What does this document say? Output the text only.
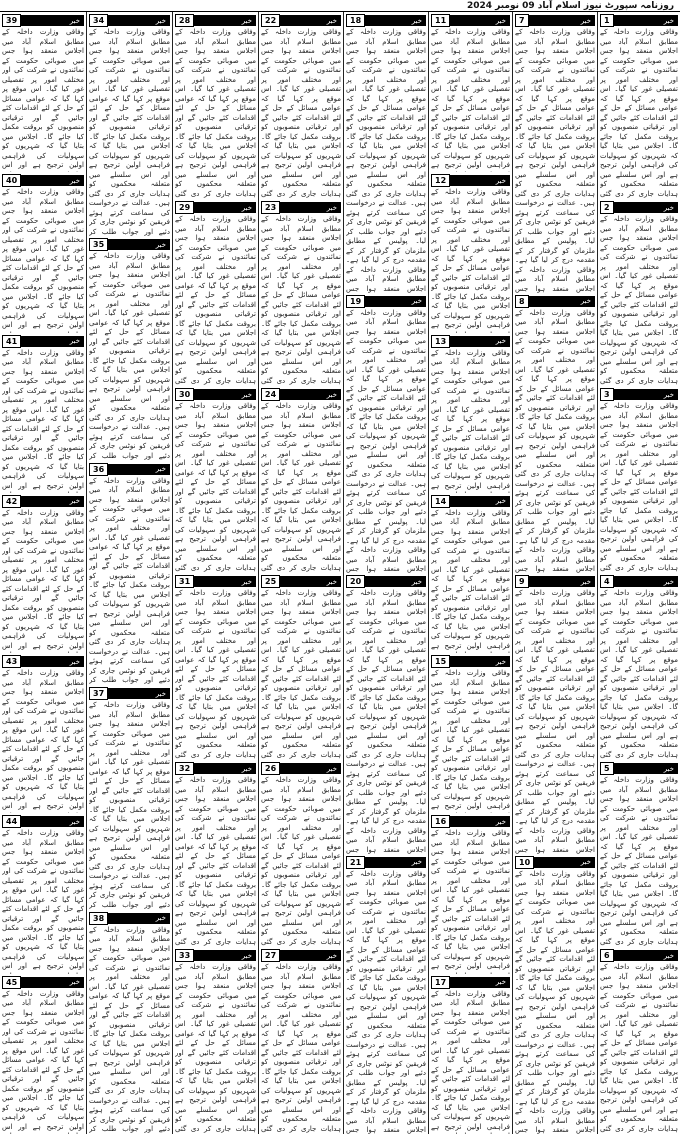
روزنامہ سپورٹ نیوز اسلام آباد 09 نومبر 2024
39	خبر
وفاقی وزارت داخلہ کے مطابق اسلام آباد میں اجلاس منعقد ہوا جس میں صوبائی حکومت کے نمائندوں نے شرکت کی اور مختلف امور پر تفصیلی غور کیا گیا۔ اس موقع پر کہا گیا کہ عوامی مسائل کے حل کے لئے اقدامات کئے جائیں گے اور ترقیاتی منصوبوں کو بروقت مکمل کیا جائے گا۔ اجلاس میں بتایا گیا کہ شہریوں کو سہولیات کی فراہمی اولین ترجیح ہے اور اس
40	خبر
وفاقی وزارت داخلہ کے مطابق اسلام آباد میں اجلاس منعقد ہوا جس میں صوبائی حکومت کے نمائندوں نے شرکت کی اور مختلف امور پر تفصیلی غور کیا گیا۔ اس موقع پر کہا گیا کہ عوامی مسائل کے حل کے لئے اقدامات کئے جائیں گے اور ترقیاتی منصوبوں کو بروقت مکمل کیا جائے گا۔ اجلاس میں بتایا گیا کہ شہریوں کو سہولیات کی فراہمی اولین ترجیح ہے اور اس
41	خبر
وفاقی وزارت داخلہ کے مطابق اسلام آباد میں اجلاس منعقد ہوا جس میں صوبائی حکومت کے نمائندوں نے شرکت کی اور مختلف امور پر تفصیلی غور کیا گیا۔ اس موقع پر کہا گیا کہ عوامی مسائل کے حل کے لئے اقدامات کئے جائیں گے اور ترقیاتی منصوبوں کو بروقت مکمل کیا جائے گا۔ اجلاس میں بتایا گیا کہ شہریوں کو سہولیات کی فراہمی اولین ترجیح ہے اور اس
42	خبر
وفاقی وزارت داخلہ کے مطابق اسلام آباد میں اجلاس منعقد ہوا جس میں صوبائی حکومت کے نمائندوں نے شرکت کی اور مختلف امور پر تفصیلی غور کیا گیا۔ اس موقع پر کہا گیا کہ عوامی مسائل کے حل کے لئے اقدامات کئے جائیں گے اور ترقیاتی منصوبوں کو بروقت مکمل کیا جائے گا۔ اجلاس میں بتایا گیا کہ شہریوں کو سہولیات کی فراہمی اولین ترجیح ہے اور اس
43	خبر
وفاقی وزارت داخلہ کے مطابق اسلام آباد میں اجلاس منعقد ہوا جس میں صوبائی حکومت کے نمائندوں نے شرکت کی اور مختلف امور پر تفصیلی غور کیا گیا۔ اس موقع پر کہا گیا کہ عوامی مسائل کے حل کے لئے اقدامات کئے جائیں گے اور ترقیاتی منصوبوں کو بروقت مکمل کیا جائے گا۔ اجلاس میں بتایا گیا کہ شہریوں کو سہولیات کی فراہمی اولین ترجیح ہے اور اس
44	خبر
وفاقی وزارت داخلہ کے مطابق اسلام آباد میں اجلاس منعقد ہوا جس میں صوبائی حکومت کے نمائندوں نے شرکت کی اور مختلف امور پر تفصیلی غور کیا گیا۔ اس موقع پر کہا گیا کہ عوامی مسائل کے حل کے لئے اقدامات کئے جائیں گے اور ترقیاتی منصوبوں کو بروقت مکمل کیا جائے گا۔ اجلاس میں بتایا گیا کہ شہریوں کو سہولیات کی فراہمی اولین ترجیح ہے اور اس
45	خبر
وفاقی وزارت داخلہ کے مطابق اسلام آباد میں اجلاس منعقد ہوا جس میں صوبائی حکومت کے نمائندوں نے شرکت کی اور مختلف امور پر تفصیلی غور کیا گیا۔ اس موقع پر کہا گیا کہ عوامی مسائل کے حل کے لئے اقدامات کئے جائیں گے اور ترقیاتی منصوبوں کو بروقت مکمل کیا جائے گا۔ اجلاس میں بتایا گیا کہ شہریوں کو سہولیات کی فراہمی اولین ترجیح ہے اور اس
34	خبر
وفاقی وزارت داخلہ کے مطابق اسلام آباد میں اجلاس منعقد ہوا جس میں صوبائی حکومت کے نمائندوں نے شرکت کی اور مختلف امور پر تفصیلی غور کیا گیا۔ اس موقع پر کہا گیا کہ عوامی مسائل کے حل کے لئے اقدامات کئے جائیں گے اور ترقیاتی منصوبوں کو بروقت مکمل کیا جائے گا۔ اجلاس میں بتایا گیا کہ شہریوں کو سہولیات کی فراہمی اولین ترجیح ہے اور اس سلسلے میں متعلقہ محکموں کو ہدایات جاری کر دی گئی ہیں۔ عدالت نے درخواست کی سماعت کرتے ہوئے فریقین کو نوٹس جاری کر دئیے اور جواب طلب کر
35	خبر
وفاقی وزارت داخلہ کے مطابق اسلام آباد میں اجلاس منعقد ہوا جس میں صوبائی حکومت کے نمائندوں نے شرکت کی اور مختلف امور پر تفصیلی غور کیا گیا۔ اس موقع پر کہا گیا کہ عوامی مسائل کے حل کے لئے اقدامات کئے جائیں گے اور ترقیاتی منصوبوں کو بروقت مکمل کیا جائے گا۔ اجلاس میں بتایا گیا کہ شہریوں کو سہولیات کی فراہمی اولین ترجیح ہے اور اس سلسلے میں متعلقہ محکموں کو ہدایات جاری کر دی گئی ہیں۔ عدالت نے درخواست کی سماعت کرتے ہوئے فریقین کو نوٹس جاری کر دئیے اور جواب طلب کر
36	خبر
وفاقی وزارت داخلہ کے مطابق اسلام آباد میں اجلاس منعقد ہوا جس میں صوبائی حکومت کے نمائندوں نے شرکت کی اور مختلف امور پر تفصیلی غور کیا گیا۔ اس موقع پر کہا گیا کہ عوامی مسائل کے حل کے لئے اقدامات کئے جائیں گے اور ترقیاتی منصوبوں کو بروقت مکمل کیا جائے گا۔ اجلاس میں بتایا گیا کہ شہریوں کو سہولیات کی فراہمی اولین ترجیح ہے اور اس سلسلے میں متعلقہ محکموں کو ہدایات جاری کر دی گئی ہیں۔ عدالت نے درخواست کی سماعت کرتے ہوئے فریقین کو نوٹس جاری کر دئیے اور جواب طلب کر
37	خبر
وفاقی وزارت داخلہ کے مطابق اسلام آباد میں اجلاس منعقد ہوا جس میں صوبائی حکومت کے نمائندوں نے شرکت کی اور مختلف امور پر تفصیلی غور کیا گیا۔ اس موقع پر کہا گیا کہ عوامی مسائل کے حل کے لئے اقدامات کئے جائیں گے اور ترقیاتی منصوبوں کو بروقت مکمل کیا جائے گا۔ اجلاس میں بتایا گیا کہ شہریوں کو سہولیات کی فراہمی اولین ترجیح ہے اور اس سلسلے میں متعلقہ محکموں کو ہدایات جاری کر دی گئی ہیں۔ عدالت نے درخواست کی سماعت کرتے ہوئے فریقین کو نوٹس جاری کر دئیے اور جواب طلب کر
38	خبر
وفاقی وزارت داخلہ کے مطابق اسلام آباد میں اجلاس منعقد ہوا جس میں صوبائی حکومت کے نمائندوں نے شرکت کی اور مختلف امور پر تفصیلی غور کیا گیا۔ اس موقع پر کہا گیا کہ عوامی مسائل کے حل کے لئے اقدامات کئے جائیں گے اور ترقیاتی منصوبوں کو بروقت مکمل کیا جائے گا۔ اجلاس میں بتایا گیا کہ شہریوں کو سہولیات کی فراہمی اولین ترجیح ہے اور اس سلسلے میں متعلقہ محکموں کو ہدایات جاری کر دی گئی ہیں۔ عدالت نے درخواست کی سماعت کرتے ہوئے فریقین کو نوٹس جاری کر دئیے اور جواب طلب کر
28	خبر
وفاقی وزارت داخلہ کے مطابق اسلام آباد میں اجلاس منعقد ہوا جس میں صوبائی حکومت کے نمائندوں نے شرکت کی اور مختلف امور پر تفصیلی غور کیا گیا۔ اس موقع پر کہا گیا کہ عوامی مسائل کے حل کے لئے اقدامات کئے جائیں گے اور ترقیاتی منصوبوں کو بروقت مکمل کیا جائے گا۔ اجلاس میں بتایا گیا کہ شہریوں کو سہولیات کی فراہمی اولین ترجیح ہے اور اس سلسلے میں متعلقہ محکموں کو ہدایات جاری کر دی گئی
29	خبر
وفاقی وزارت داخلہ کے مطابق اسلام آباد میں اجلاس منعقد ہوا جس میں صوبائی حکومت کے نمائندوں نے شرکت کی اور مختلف امور پر تفصیلی غور کیا گیا۔ اس موقع پر کہا گیا کہ عوامی مسائل کے حل کے لئے اقدامات کئے جائیں گے اور ترقیاتی منصوبوں کو بروقت مکمل کیا جائے گا۔ اجلاس میں بتایا گیا کہ شہریوں کو سہولیات کی فراہمی اولین ترجیح ہے اور اس سلسلے میں متعلقہ محکموں کو ہدایات جاری کر دی گئی
30	خبر
وفاقی وزارت داخلہ کے مطابق اسلام آباد میں اجلاس منعقد ہوا جس میں صوبائی حکومت کے نمائندوں نے شرکت کی اور مختلف امور پر تفصیلی غور کیا گیا۔ اس موقع پر کہا گیا کہ عوامی مسائل کے حل کے لئے اقدامات کئے جائیں گے اور ترقیاتی منصوبوں کو بروقت مکمل کیا جائے گا۔ اجلاس میں بتایا گیا کہ شہریوں کو سہولیات کی فراہمی اولین ترجیح ہے اور اس سلسلے میں متعلقہ محکموں کو ہدایات جاری کر دی گئی
31	خبر
وفاقی وزارت داخلہ کے مطابق اسلام آباد میں اجلاس منعقد ہوا جس میں صوبائی حکومت کے نمائندوں نے شرکت کی اور مختلف امور پر تفصیلی غور کیا گیا۔ اس موقع پر کہا گیا کہ عوامی مسائل کے حل کے لئے اقدامات کئے جائیں گے اور ترقیاتی منصوبوں کو بروقت مکمل کیا جائے گا۔ اجلاس میں بتایا گیا کہ شہریوں کو سہولیات کی فراہمی اولین ترجیح ہے اور اس سلسلے میں متعلقہ محکموں کو ہدایات جاری کر دی گئی
32	خبر
وفاقی وزارت داخلہ کے مطابق اسلام آباد میں اجلاس منعقد ہوا جس میں صوبائی حکومت کے نمائندوں نے شرکت کی اور مختلف امور پر تفصیلی غور کیا گیا۔ اس موقع پر کہا گیا کہ عوامی مسائل کے حل کے لئے اقدامات کئے جائیں گے اور ترقیاتی منصوبوں کو بروقت مکمل کیا جائے گا۔ اجلاس میں بتایا گیا کہ شہریوں کو سہولیات کی فراہمی اولین ترجیح ہے اور اس سلسلے میں متعلقہ محکموں کو ہدایات جاری کر دی گئی
33	خبر
وفاقی وزارت داخلہ کے مطابق اسلام آباد میں اجلاس منعقد ہوا جس میں صوبائی حکومت کے نمائندوں نے شرکت کی اور مختلف امور پر تفصیلی غور کیا گیا۔ اس موقع پر کہا گیا کہ عوامی مسائل کے حل کے لئے اقدامات کئے جائیں گے اور ترقیاتی منصوبوں کو بروقت مکمل کیا جائے گا۔ اجلاس میں بتایا گیا کہ شہریوں کو سہولیات کی فراہمی اولین ترجیح ہے اور اس سلسلے میں متعلقہ محکموں کو ہدایات جاری کر دی گئی
22	خبر
وفاقی وزارت داخلہ کے مطابق اسلام آباد میں اجلاس منعقد ہوا جس میں صوبائی حکومت کے نمائندوں نے شرکت کی اور مختلف امور پر تفصیلی غور کیا گیا۔ اس موقع پر کہا گیا کہ عوامی مسائل کے حل کے لئے اقدامات کئے جائیں گے اور ترقیاتی منصوبوں کو بروقت مکمل کیا جائے گا۔ اجلاس میں بتایا گیا کہ شہریوں کو سہولیات کی فراہمی اولین ترجیح ہے اور اس سلسلے میں متعلقہ محکموں کو ہدایات جاری کر دی گئی
23	خبر
وفاقی وزارت داخلہ کے مطابق اسلام آباد میں اجلاس منعقد ہوا جس میں صوبائی حکومت کے نمائندوں نے شرکت کی اور مختلف امور پر تفصیلی غور کیا گیا۔ اس موقع پر کہا گیا کہ عوامی مسائل کے حل کے لئے اقدامات کئے جائیں گے اور ترقیاتی منصوبوں کو بروقت مکمل کیا جائے گا۔ اجلاس میں بتایا گیا کہ شہریوں کو سہولیات کی فراہمی اولین ترجیح ہے اور اس سلسلے میں متعلقہ محکموں کو ہدایات جاری کر دی گئی
24	خبر
وفاقی وزارت داخلہ کے مطابق اسلام آباد میں اجلاس منعقد ہوا جس میں صوبائی حکومت کے نمائندوں نے شرکت کی اور مختلف امور پر تفصیلی غور کیا گیا۔ اس موقع پر کہا گیا کہ عوامی مسائل کے حل کے لئے اقدامات کئے جائیں گے اور ترقیاتی منصوبوں کو بروقت مکمل کیا جائے گا۔ اجلاس میں بتایا گیا کہ شہریوں کو سہولیات کی فراہمی اولین ترجیح ہے اور اس سلسلے میں متعلقہ محکموں کو ہدایات جاری کر دی گئی
25	خبر
وفاقی وزارت داخلہ کے مطابق اسلام آباد میں اجلاس منعقد ہوا جس میں صوبائی حکومت کے نمائندوں نے شرکت کی اور مختلف امور پر تفصیلی غور کیا گیا۔ اس موقع پر کہا گیا کہ عوامی مسائل کے حل کے لئے اقدامات کئے جائیں گے اور ترقیاتی منصوبوں کو بروقت مکمل کیا جائے گا۔ اجلاس میں بتایا گیا کہ شہریوں کو سہولیات کی فراہمی اولین ترجیح ہے اور اس سلسلے میں متعلقہ محکموں کو ہدایات جاری کر دی گئی
26	خبر
وفاقی وزارت داخلہ کے مطابق اسلام آباد میں اجلاس منعقد ہوا جس میں صوبائی حکومت کے نمائندوں نے شرکت کی اور مختلف امور پر تفصیلی غور کیا گیا۔ اس موقع پر کہا گیا کہ عوامی مسائل کے حل کے لئے اقدامات کئے جائیں گے اور ترقیاتی منصوبوں کو بروقت مکمل کیا جائے گا۔ اجلاس میں بتایا گیا کہ شہریوں کو سہولیات کی فراہمی اولین ترجیح ہے اور اس سلسلے میں متعلقہ محکموں کو ہدایات جاری کر دی گئی
27	خبر
وفاقی وزارت داخلہ کے مطابق اسلام آباد میں اجلاس منعقد ہوا جس میں صوبائی حکومت کے نمائندوں نے شرکت کی اور مختلف امور پر تفصیلی غور کیا گیا۔ اس موقع پر کہا گیا کہ عوامی مسائل کے حل کے لئے اقدامات کئے جائیں گے اور ترقیاتی منصوبوں کو بروقت مکمل کیا جائے گا۔ اجلاس میں بتایا گیا کہ شہریوں کو سہولیات کی فراہمی اولین ترجیح ہے اور اس سلسلے میں متعلقہ محکموں کو ہدایات جاری کر دی گئی
18	خبر
وفاقی وزارت داخلہ کے مطابق اسلام آباد میں اجلاس منعقد ہوا جس میں صوبائی حکومت کے نمائندوں نے شرکت کی اور مختلف امور پر تفصیلی غور کیا گیا۔ اس موقع پر کہا گیا کہ عوامی مسائل کے حل کے لئے اقدامات کئے جائیں گے اور ترقیاتی منصوبوں کو بروقت مکمل کیا جائے گا۔ اجلاس میں بتایا گیا کہ شہریوں کو سہولیات کی فراہمی اولین ترجیح ہے اور اس سلسلے میں متعلقہ محکموں کو ہدایات جاری کر دی گئی ہیں۔ عدالت نے درخواست کی سماعت کرتے ہوئے فریقین کو نوٹس جاری کر دئیے اور جواب طلب کر لیا۔ پولیس کے مطابق ملزمان کو گرفتار کر کے مقدمہ درج کر لیا گیا ہے۔ وفاقی وزارت داخلہ کے مطابق اسلام آباد میں اجلاس منعقد ہوا جس
19	خبر
وفاقی وزارت داخلہ کے مطابق اسلام آباد میں اجلاس منعقد ہوا جس میں صوبائی حکومت کے نمائندوں نے شرکت کی اور مختلف امور پر تفصیلی غور کیا گیا۔ اس موقع پر کہا گیا کہ عوامی مسائل کے حل کے لئے اقدامات کئے جائیں گے اور ترقیاتی منصوبوں کو بروقت مکمل کیا جائے گا۔ اجلاس میں بتایا گیا کہ شہریوں کو سہولیات کی فراہمی اولین ترجیح ہے اور اس سلسلے میں متعلقہ محکموں کو ہدایات جاری کر دی گئی ہیں۔ عدالت نے درخواست کی سماعت کرتے ہوئے فریقین کو نوٹس جاری کر دئیے اور جواب طلب کر لیا۔ پولیس کے مطابق ملزمان کو گرفتار کر کے مقدمہ درج کر لیا گیا ہے۔ وفاقی وزارت داخلہ کے مطابق اسلام آباد میں اجلاس منعقد ہوا جس
20	خبر
وفاقی وزارت داخلہ کے مطابق اسلام آباد میں اجلاس منعقد ہوا جس میں صوبائی حکومت کے نمائندوں نے شرکت کی اور مختلف امور پر تفصیلی غور کیا گیا۔ اس موقع پر کہا گیا کہ عوامی مسائل کے حل کے لئے اقدامات کئے جائیں گے اور ترقیاتی منصوبوں کو بروقت مکمل کیا جائے گا۔ اجلاس میں بتایا گیا کہ شہریوں کو سہولیات کی فراہمی اولین ترجیح ہے اور اس سلسلے میں متعلقہ محکموں کو ہدایات جاری کر دی گئی ہیں۔ عدالت نے درخواست کی سماعت کرتے ہوئے فریقین کو نوٹس جاری کر دئیے اور جواب طلب کر لیا۔ پولیس کے مطابق ملزمان کو گرفتار کر کے مقدمہ درج کر لیا گیا ہے۔ وفاقی وزارت داخلہ کے مطابق اسلام آباد میں اجلاس منعقد ہوا جس
21	خبر
وفاقی وزارت داخلہ کے مطابق اسلام آباد میں اجلاس منعقد ہوا جس میں صوبائی حکومت کے نمائندوں نے شرکت کی اور مختلف امور پر تفصیلی غور کیا گیا۔ اس موقع پر کہا گیا کہ عوامی مسائل کے حل کے لئے اقدامات کئے جائیں گے اور ترقیاتی منصوبوں کو بروقت مکمل کیا جائے گا۔ اجلاس میں بتایا گیا کہ شہریوں کو سہولیات کی فراہمی اولین ترجیح ہے اور اس سلسلے میں متعلقہ محکموں کو ہدایات جاری کر دی گئی ہیں۔ عدالت نے درخواست کی سماعت کرتے ہوئے فریقین کو نوٹس جاری کر دئیے اور جواب طلب کر لیا۔ پولیس کے مطابق ملزمان کو گرفتار کر کے مقدمہ درج کر لیا گیا ہے۔ وفاقی وزارت داخلہ کے مطابق اسلام آباد میں اجلاس منعقد ہوا جس
11	خبر
وفاقی وزارت داخلہ کے مطابق اسلام آباد میں اجلاس منعقد ہوا جس میں صوبائی حکومت کے نمائندوں نے شرکت کی اور مختلف امور پر تفصیلی غور کیا گیا۔ اس موقع پر کہا گیا کہ عوامی مسائل کے حل کے لئے اقدامات کئے جائیں گے اور ترقیاتی منصوبوں کو بروقت مکمل کیا جائے گا۔ اجلاس میں بتایا گیا کہ شہریوں کو سہولیات کی فراہمی اولین ترجیح ہے
12	خبر
وفاقی وزارت داخلہ کے مطابق اسلام آباد میں اجلاس منعقد ہوا جس میں صوبائی حکومت کے نمائندوں نے شرکت کی اور مختلف امور پر تفصیلی غور کیا گیا۔ اس موقع پر کہا گیا کہ عوامی مسائل کے حل کے لئے اقدامات کئے جائیں گے اور ترقیاتی منصوبوں کو بروقت مکمل کیا جائے گا۔ اجلاس میں بتایا گیا کہ شہریوں کو سہولیات کی فراہمی اولین ترجیح ہے
13	خبر
وفاقی وزارت داخلہ کے مطابق اسلام آباد میں اجلاس منعقد ہوا جس میں صوبائی حکومت کے نمائندوں نے شرکت کی اور مختلف امور پر تفصیلی غور کیا گیا۔ اس موقع پر کہا گیا کہ عوامی مسائل کے حل کے لئے اقدامات کئے جائیں گے اور ترقیاتی منصوبوں کو بروقت مکمل کیا جائے گا۔ اجلاس میں بتایا گیا کہ شہریوں کو سہولیات کی فراہمی اولین ترجیح ہے
14	خبر
وفاقی وزارت داخلہ کے مطابق اسلام آباد میں اجلاس منعقد ہوا جس میں صوبائی حکومت کے نمائندوں نے شرکت کی اور مختلف امور پر تفصیلی غور کیا گیا۔ اس موقع پر کہا گیا کہ عوامی مسائل کے حل کے لئے اقدامات کئے جائیں گے اور ترقیاتی منصوبوں کو بروقت مکمل کیا جائے گا۔ اجلاس میں بتایا گیا کہ شہریوں کو سہولیات کی فراہمی اولین ترجیح ہے
15	خبر
وفاقی وزارت داخلہ کے مطابق اسلام آباد میں اجلاس منعقد ہوا جس میں صوبائی حکومت کے نمائندوں نے شرکت کی اور مختلف امور پر تفصیلی غور کیا گیا۔ اس موقع پر کہا گیا کہ عوامی مسائل کے حل کے لئے اقدامات کئے جائیں گے اور ترقیاتی منصوبوں کو بروقت مکمل کیا جائے گا۔ اجلاس میں بتایا گیا کہ شہریوں کو سہولیات کی فراہمی اولین ترجیح ہے
16	خبر
وفاقی وزارت داخلہ کے مطابق اسلام آباد میں اجلاس منعقد ہوا جس میں صوبائی حکومت کے نمائندوں نے شرکت کی اور مختلف امور پر تفصیلی غور کیا گیا۔ اس موقع پر کہا گیا کہ عوامی مسائل کے حل کے لئے اقدامات کئے جائیں گے اور ترقیاتی منصوبوں کو بروقت مکمل کیا جائے گا۔ اجلاس میں بتایا گیا کہ شہریوں کو سہولیات کی فراہمی اولین ترجیح ہے
17	خبر
وفاقی وزارت داخلہ کے مطابق اسلام آباد میں اجلاس منعقد ہوا جس میں صوبائی حکومت کے نمائندوں نے شرکت کی اور مختلف امور پر تفصیلی غور کیا گیا۔ اس موقع پر کہا گیا کہ عوامی مسائل کے حل کے لئے اقدامات کئے جائیں گے اور ترقیاتی منصوبوں کو بروقت مکمل کیا جائے گا۔ اجلاس میں بتایا گیا کہ شہریوں کو سہولیات کی فراہمی اولین ترجیح ہے
7	خبر
وفاقی وزارت داخلہ کے مطابق اسلام آباد میں اجلاس منعقد ہوا جس میں صوبائی حکومت کے نمائندوں نے شرکت کی اور مختلف امور پر تفصیلی غور کیا گیا۔ اس موقع پر کہا گیا کہ عوامی مسائل کے حل کے لئے اقدامات کئے جائیں گے اور ترقیاتی منصوبوں کو بروقت مکمل کیا جائے گا۔ اجلاس میں بتایا گیا کہ شہریوں کو سہولیات کی فراہمی اولین ترجیح ہے اور اس سلسلے میں متعلقہ محکموں کو ہدایات جاری کر دی گئی ہیں۔ عدالت نے درخواست کی سماعت کرتے ہوئے فریقین کو نوٹس جاری کر دئیے اور جواب طلب کر لیا۔ پولیس کے مطابق ملزمان کو گرفتار کر کے مقدمہ درج کر لیا گیا ہے۔ وفاقی وزارت داخلہ کے مطابق اسلام آباد میں اجلاس منعقد ہوا جس
8	خبر
وفاقی وزارت داخلہ کے مطابق اسلام آباد میں اجلاس منعقد ہوا جس میں صوبائی حکومت کے نمائندوں نے شرکت کی اور مختلف امور پر تفصیلی غور کیا گیا۔ اس موقع پر کہا گیا کہ عوامی مسائل کے حل کے لئے اقدامات کئے جائیں گے اور ترقیاتی منصوبوں کو بروقت مکمل کیا جائے گا۔ اجلاس میں بتایا گیا کہ شہریوں کو سہولیات کی فراہمی اولین ترجیح ہے اور اس سلسلے میں متعلقہ محکموں کو ہدایات جاری کر دی گئی ہیں۔ عدالت نے درخواست کی سماعت کرتے ہوئے فریقین کو نوٹس جاری کر دئیے اور جواب طلب کر لیا۔ پولیس کے مطابق ملزمان کو گرفتار کر کے مقدمہ درج کر لیا گیا ہے۔ وفاقی وزارت داخلہ کے مطابق اسلام آباد میں اجلاس منعقد ہوا جس
9	خبر
وفاقی وزارت داخلہ کے مطابق اسلام آباد میں اجلاس منعقد ہوا جس میں صوبائی حکومت کے نمائندوں نے شرکت کی اور مختلف امور پر تفصیلی غور کیا گیا۔ اس موقع پر کہا گیا کہ عوامی مسائل کے حل کے لئے اقدامات کئے جائیں گے اور ترقیاتی منصوبوں کو بروقت مکمل کیا جائے گا۔ اجلاس میں بتایا گیا کہ شہریوں کو سہولیات کی فراہمی اولین ترجیح ہے اور اس سلسلے میں متعلقہ محکموں کو ہدایات جاری کر دی گئی ہیں۔ عدالت نے درخواست کی سماعت کرتے ہوئے فریقین کو نوٹس جاری کر دئیے اور جواب طلب کر لیا۔ پولیس کے مطابق ملزمان کو گرفتار کر کے مقدمہ درج کر لیا گیا ہے۔ وفاقی وزارت داخلہ کے مطابق اسلام آباد میں اجلاس منعقد ہوا جس
10	خبر
وفاقی وزارت داخلہ کے مطابق اسلام آباد میں اجلاس منعقد ہوا جس میں صوبائی حکومت کے نمائندوں نے شرکت کی اور مختلف امور پر تفصیلی غور کیا گیا۔ اس موقع پر کہا گیا کہ عوامی مسائل کے حل کے لئے اقدامات کئے جائیں گے اور ترقیاتی منصوبوں کو بروقت مکمل کیا جائے گا۔ اجلاس میں بتایا گیا کہ شہریوں کو سہولیات کی فراہمی اولین ترجیح ہے اور اس سلسلے میں متعلقہ محکموں کو ہدایات جاری کر دی گئی ہیں۔ عدالت نے درخواست کی سماعت کرتے ہوئے فریقین کو نوٹس جاری کر دئیے اور جواب طلب کر لیا۔ پولیس کے مطابق ملزمان کو گرفتار کر کے مقدمہ درج کر لیا گیا ہے۔ وفاقی وزارت داخلہ کے مطابق اسلام آباد میں اجلاس منعقد ہوا جس
1	خبر
وفاقی وزارت داخلہ کے مطابق اسلام آباد میں اجلاس منعقد ہوا جس میں صوبائی حکومت کے نمائندوں نے شرکت کی اور مختلف امور پر تفصیلی غور کیا گیا۔ اس موقع پر کہا گیا کہ عوامی مسائل کے حل کے لئے اقدامات کئے جائیں گے اور ترقیاتی منصوبوں کو بروقت مکمل کیا جائے گا۔ اجلاس میں بتایا گیا کہ شہریوں کو سہولیات کی فراہمی اولین ترجیح ہے اور اس سلسلے میں متعلقہ محکموں کو ہدایات جاری کر دی گئی
2	خبر
وفاقی وزارت داخلہ کے مطابق اسلام آباد میں اجلاس منعقد ہوا جس میں صوبائی حکومت کے نمائندوں نے شرکت کی اور مختلف امور پر تفصیلی غور کیا گیا۔ اس موقع پر کہا گیا کہ عوامی مسائل کے حل کے لئے اقدامات کئے جائیں گے اور ترقیاتی منصوبوں کو بروقت مکمل کیا جائے گا۔ اجلاس میں بتایا گیا کہ شہریوں کو سہولیات کی فراہمی اولین ترجیح ہے اور اس سلسلے میں متعلقہ محکموں کو ہدایات جاری کر دی گئی
3	خبر
وفاقی وزارت داخلہ کے مطابق اسلام آباد میں اجلاس منعقد ہوا جس میں صوبائی حکومت کے نمائندوں نے شرکت کی اور مختلف امور پر تفصیلی غور کیا گیا۔ اس موقع پر کہا گیا کہ عوامی مسائل کے حل کے لئے اقدامات کئے جائیں گے اور ترقیاتی منصوبوں کو بروقت مکمل کیا جائے گا۔ اجلاس میں بتایا گیا کہ شہریوں کو سہولیات کی فراہمی اولین ترجیح ہے اور اس سلسلے میں متعلقہ محکموں کو ہدایات جاری کر دی گئی
4	خبر
وفاقی وزارت داخلہ کے مطابق اسلام آباد میں اجلاس منعقد ہوا جس میں صوبائی حکومت کے نمائندوں نے شرکت کی اور مختلف امور پر تفصیلی غور کیا گیا۔ اس موقع پر کہا گیا کہ عوامی مسائل کے حل کے لئے اقدامات کئے جائیں گے اور ترقیاتی منصوبوں کو بروقت مکمل کیا جائے گا۔ اجلاس میں بتایا گیا کہ شہریوں کو سہولیات کی فراہمی اولین ترجیح ہے اور اس سلسلے میں متعلقہ محکموں کو ہدایات جاری کر دی گئی
5	خبر
وفاقی وزارت داخلہ کے مطابق اسلام آباد میں اجلاس منعقد ہوا جس میں صوبائی حکومت کے نمائندوں نے شرکت کی اور مختلف امور پر تفصیلی غور کیا گیا۔ اس موقع پر کہا گیا کہ عوامی مسائل کے حل کے لئے اقدامات کئے جائیں گے اور ترقیاتی منصوبوں کو بروقت مکمل کیا جائے گا۔ اجلاس میں بتایا گیا کہ شہریوں کو سہولیات کی فراہمی اولین ترجیح ہے اور اس سلسلے میں متعلقہ محکموں کو ہدایات جاری کر دی گئی
6	خبر
وفاقی وزارت داخلہ کے مطابق اسلام آباد میں اجلاس منعقد ہوا جس میں صوبائی حکومت کے نمائندوں نے شرکت کی اور مختلف امور پر تفصیلی غور کیا گیا۔ اس موقع پر کہا گیا کہ عوامی مسائل کے حل کے لئے اقدامات کئے جائیں گے اور ترقیاتی منصوبوں کو بروقت مکمل کیا جائے گا۔ اجلاس میں بتایا گیا کہ شہریوں کو سہولیات کی فراہمی اولین ترجیح ہے اور اس سلسلے میں متعلقہ محکموں کو ہدایات جاری کر دی گئی
